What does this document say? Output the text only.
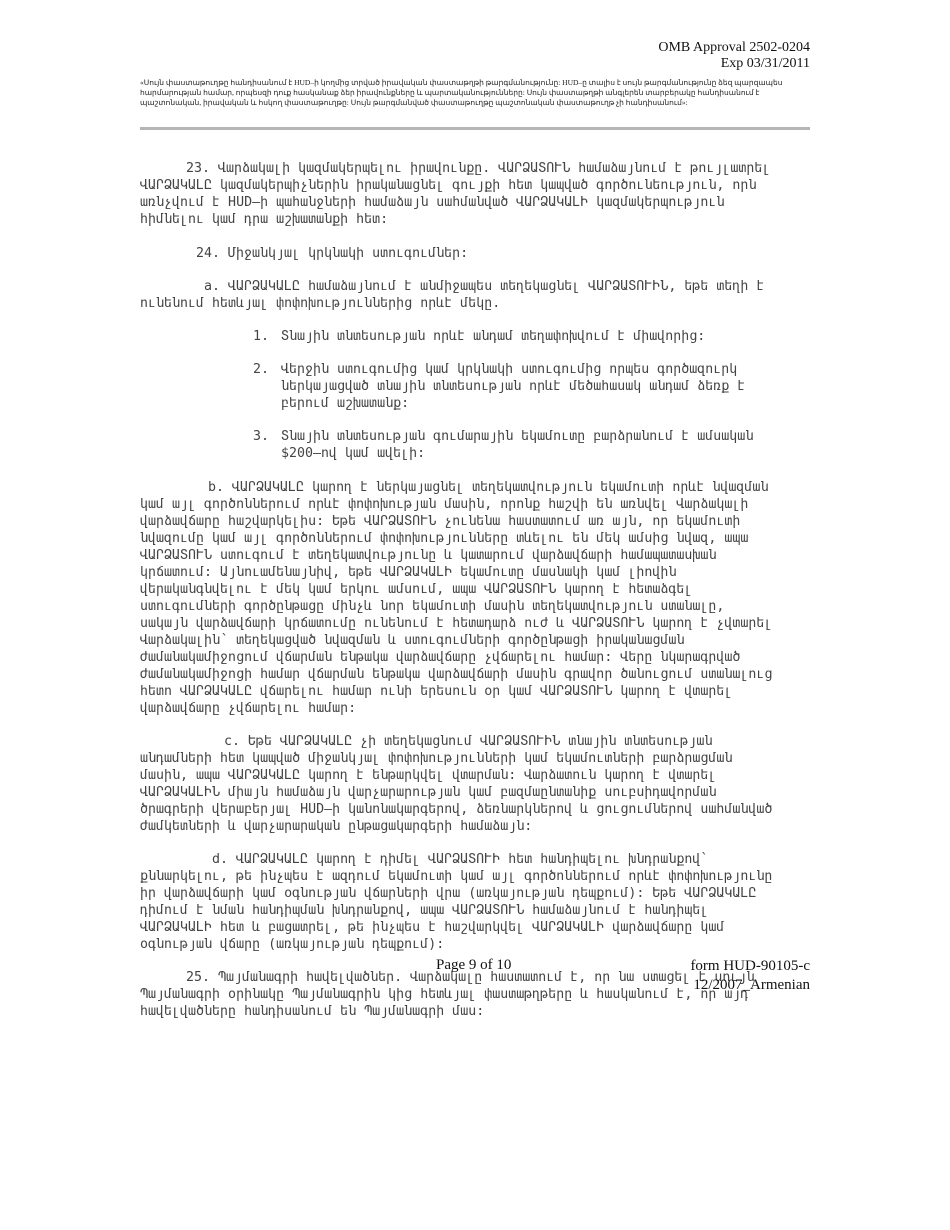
OMB Approval 2502-0204
Exp 03/31/2011
«Սույն փաստաթուղթը հանդիսանում է HUD–ի կողմից տրված իրավական փաստաթղթի թարգմանությունը: HUD–ը տալիս է սույն թարգմանությունը ձեզ պարզապես հարմարության համար, որպեսզի դուք հասկանաք ձեր իրավունքները և պարտականությունները: Սույն փաստաթղթի անգլերեն տարբերակը հանդիսանում է պաշտոնական, իրավական և հսկող փաստաթուղթը: Սույն թարգմանված փաստաթուղթը պաշտոնական փաստաթուղթ չի հանդիսանում»:

23. Վարձակալի կազմակերպելու իրավունքը. ՎԱՐՁԱՏՈՒՆ համաձայնում է թույլատրել ՎԱՐՁԱԿԱԼԸ կազմակերպիչներին իրականացնել գույքի հետ կապված գործունեություն, որն առնչվում է HUD–ի պահանջների համաձայն սահմանված ՎԱՐՁԱԿԱԼԻ կազմակերպություն հիմնելու կամ դրա աշխատանքի հետ:

24. Միջանկյալ կրկնակի ստուգումներ:

a. ՎԱՐՁԱԿԱԼԸ համաձայնում է անմիջապես տեղեկացնել ՎԱՐՁԱՏՈՒԻՆ, եթե տեղի է ունենում հետևյալ փոփոխություններից որևէ մեկը.

1. Տնային տնտեսության որևէ անդամ տեղափոխվում է միավորից:
2. Վերջին ստուգումից կամ կրկնակի ստուգումից որպես գործազուրկ ներկայացված տնային տնտեսության որևէ մեծահասակ անդամ ձեռք է բերում աշխատանք:
3. Տնային տնտեսության գումարային եկամուտը բարձրանում է ամսական $200–ով կամ ավելի:

b. ՎԱՐՁԱԿԱԼԸ կարող է ներկայացնել տեղեկատվություն եկամուտի որևէ նվազման կամ այլ գործոններում որևէ փոփոխության մասին, որոնք հաշվի են առնվել Վարձակալի վարձավճարը հաշվարկելիս: Եթե ՎԱՐՁԱՏՈՒՆ չունենա հաստատում առ այն, որ եկամուտի նվազումը կամ այլ գործոններում փոփոխությունները տևելու են մեկ ամսից նվազ, ապա ՎԱՐՁԱՏՈՒՆ ստուգում է տեղեկատվությունը և կատարում վարձավճարի համապատասխան կրճատում: Այնուամենայնիվ, եթե ՎԱՐՁԱԿԱԼԻ եկամուտը մասնակի կամ լիովին վերականգնվելու է մեկ կամ երկու ամսում, ապա ՎԱՐՁԱՏՈՒՆ կարող է հետաձգել ստուգումների գործընթացը մինչև նոր եկամուտի մասին տեղեկատվություն ստանալը, սակայն վարձավճարի կրճատումը ունենում է հետադարձ ուժ և ՎԱՐՁԱՏՈՒՆ կարող է չվտարել Վարձակալին՝ տեղեկացված նվազման և ստուգումների գործընթացի իրականացման ժամանակամիջոցում վճարման ենթակա վարձավճարը չվճարելու համար: Վերը նկարագրված ժամանակամիջոցի համար վճարման ենթակա վարձավճարի մասին գրավոր ծանուցում ստանալուց հետո ՎԱՐՁԱԿԱԼԸ վճարելու համար ունի երեսուն օր կամ ՎԱՐՁԱՏՈՒՆ կարող է վտարել վարձավճարը չվճարելու համար:

c. Եթե ՎԱՐՁԱԿԱԼԸ չի տեղեկացնում ՎԱՐՁԱՏՈՒԻՆ տնային տնտեսության անդամների հետ կապված միջանկյալ փոփոխությունների կամ եկամուտների բարձրացման մասին, ապա ՎԱՐՁԱԿԱԼԸ կարող է ենթարկվել վտարման: Վարձատուն կարող է վտարել ՎԱՐՁԱԿԱԼԻՆ միայն համաձայն վարչարարության կամ բազմաընտանիք սուբսիդավորման ծրագրերի վերաբերյալ HUD–ի կանոնակարգերով, ձեռնարկներով և ցուցումներով սահմանված ժամկետների և վարչարարական ընթացակարգերի համաձայն:

d. ՎԱՐՁԱԿԱԼԸ կարող է դիմել ՎԱՐՁԱՏՈՒԻ հետ հանդիպելու խնդրանքով` քննարկելու, թե ինչպես է ազդում եկամուտի կամ այլ գործոններում որևէ փոփոխությունը իր վարձավճարի կամ օգնության վճարների վրա (առկայության դեպքում): Եթե ՎԱՐՁԱԿԱԼԸ դիմում է նման հանդիպման խնդրանքով, ապա ՎԱՐՁԱՏՈՒՆ համաձայնում է հանդիպել ՎԱՐՁԱԿԱԼԻ հետ և բացատրել, թե ինչպես է հաշվարկվել ՎԱՐՁԱԿԱԼԻ վարձավճարը կամ օգնության վճարը (առկայության դեպքում):

25. Պայմանագրի հավելվածներ. Վարձակալը հաստատում է, որ նա ստացել է սույն Պայմանագրի օրինակը Պայմանագրին կից հետևյալ փաստաթղթերը և հասկանում է, որ այդ հավելվածները հանդիսանում են Պայմանագրի մաս:

Page 9 of 10	form HUD-90105-c
12/2007_Armenian
